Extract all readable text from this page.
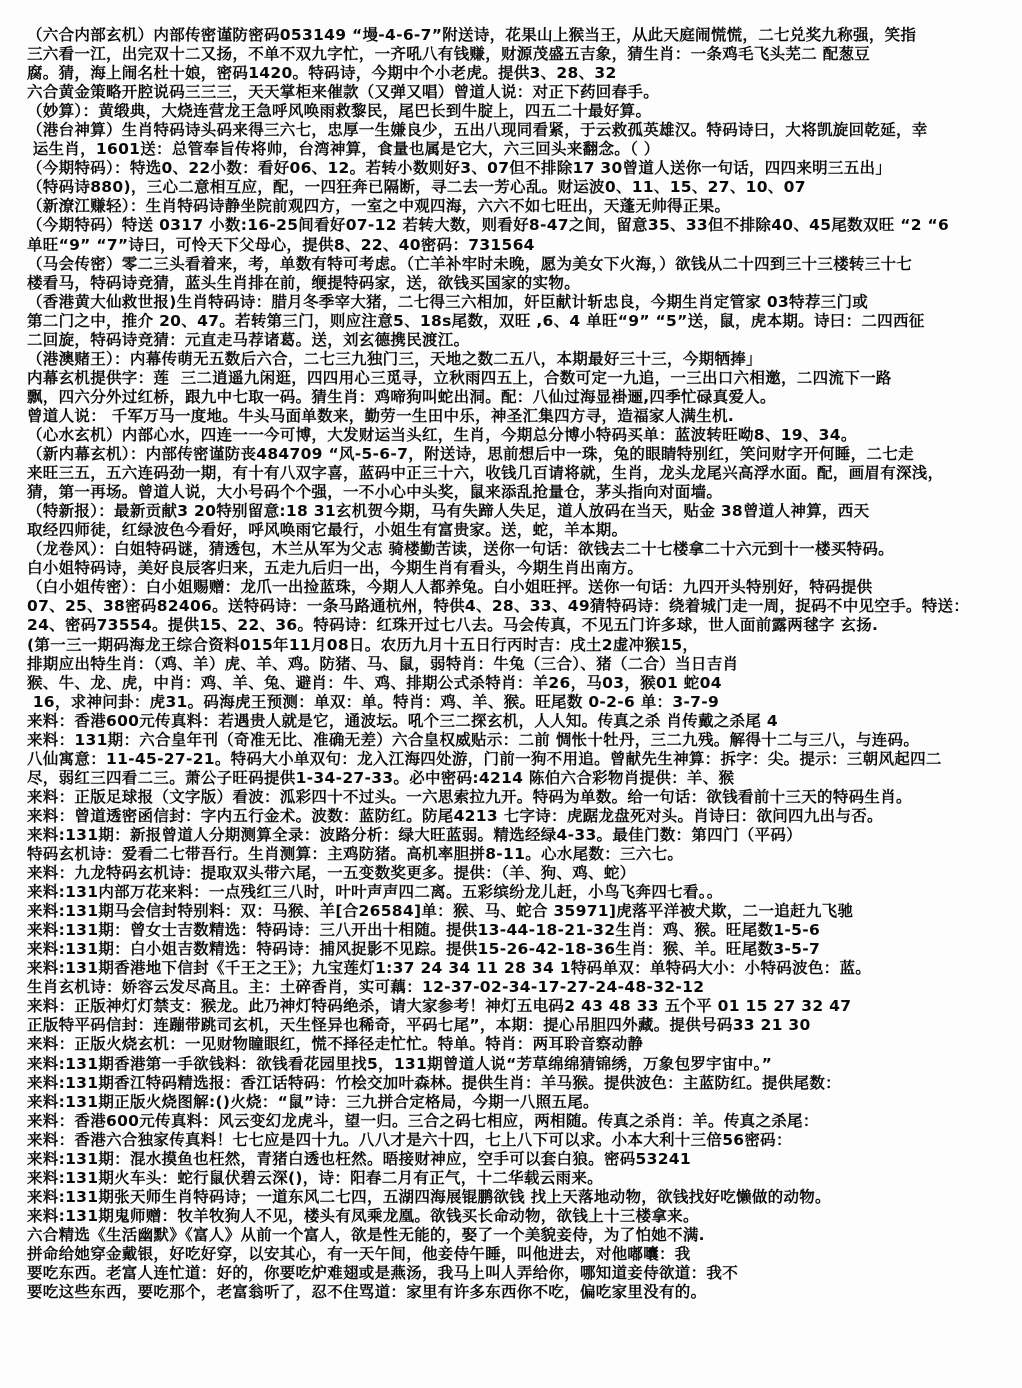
（六合内部玄机）内部传密谨防密码053149 “墁-4-6-7”附送诗，花果山上猴当王，从此天庭闹慌慌，二七兑奖九称强，笑指
三六看一江，出完双十二又扬，不单不双九字忙，一齐吼八有钱赚，财源茂盛五吉象，猜生肖：一条鸡毛飞头芜二 配葱豆
腐。猜，海上闹名杜十娘，密码1420。特码诗，今期中个小老虎。提供3、28、32
六合黄金策略开腔说码三三三，天天掌柜来催款（又弹又唱）曾道人说：对正下药回春手。
（妙算）：黄缎典，大烧连营龙王急呼风唤雨救黎民，尾巴长到牛腚上，四五二十最好算。
（港台神算）生肖特码诗头码来得三六七，忠厚一生嫌良少，五出八现同看紧，于云救孤英雄汉。特码诗曰，大将凯旋回乾延，幸
运生肖，1601送：总管奉旨传将帅，台湾神算，食量也属是它大，六三回头来翻念。（ ）
（今期特码）：特选0、22小数：看好06、12。若转小数则好3、07但不排除17 30曾道人送你一句话，四四来明三五出」
（特码诗880)，三心二意相互应，配，一四狂奔已隔断，寻二去一芳心乱。财运波0、11、15、27、10、07
（新潦江赚轻）：生肖特码诗静坐院前观四方，一室之中观四海，六六不如七旺出，天蓬无帅得正果。
（今期特码）特送 0317 小数:16-25间看好07-12 若转大数，则看好8-47之间，留意35、33但不排除40、45尾数双旺 “2 “6
单旺“9” “7”诗曰，可怜天下父母心，提供8、22、40密码：731564
（马会传密）零二三头看着来，考，单数有特可考虑。（亡羊补牢时未晚，愿为美女下火海，）欲钱从二十四到三十三楼转三十七
楼看马，特码诗竞猜，蓝头生肖排在前，缏提特码家，送，欲钱买国家的实物。
（香港黄大仙救世报)生肖特码诗：腊月冬季宰大猪，二七得三六相加，奸臣献计斩忠良，今期生肖定管家 03特荐三门或
第二门之中，推介 20、47。若转第三门，则应注意5、18s尾数，双旺 ,6、4 单旺“9” “5”送，鼠，虎本期。诗曰：二四西征
二回旋，特码诗竞猜：元直走马荐诸葛。送，刘玄德携民渡江。
（港澳赌王）：内幕传萌无五数后六合，二七三九独门三，天地之数二五八，本期最好三十三，今期牺捧」
内幕玄机提供字：莲  三二逍遥九闲逛，四四用心三觅寻，立秋雨四五上，合数可定一九追，一三出口六相邀，二四流下一路
飘，四六分外过红桥，跟九中七取一码。猜生肖：鸡啼狗叫蛇出洞。配：八仙过海显褂逦,四季忙碌真爱人。
曾道人说： 千军万马一度地。牛头马面单数来，勤劳一生田中乐，神圣汇集四方寻，造福家人满生机.
（心水玄机）内部心水，四连一一今可博，大发财运当头红，生肖，今期总分博小特码买单：蓝波转旺呦8、19、34。
（新内幕玄机）：内部传密谨防丧484709 “风-5-6-7，附送诗，思前想后中一珠，兔的眼睛特别红，笑问财字开何睡，二七走
来旺三五，五六连码劲一期，有十有八双字喜，蓝码中正三十六，收钱几百请将就，生肖，龙头龙尾兴高浮水面。配，画眉有深浅，
猜，第一再场。曾道人说，大小号码个个强，一不小心中头奖，鼠来添乱抢量仓，茅头指向对面墙。
（特新报）：最新贡献3 20特别留意:18 31玄机贺今期，马有失蹄人失足，道人放码在当天，贴金 38曾道人神算，西天
取经四师徒，红绿波色今看好，呼风唤雨它最行，小姐生有富贵家。送，蛇，羊本期。
（龙卷风）：白姐特码谜，猜透包，木兰从军为父志 骑楼勤苦读，送你一句话：欲钱去二十七楼拿二十六元到十一楼买特码。
白小姐特码诗，美好良辰客归来，五走九后归一出，今期生肖有看头，今期生肖出南方。
（白小姐传密）：白小姐赐赠：龙爪一出捡蓝珠，今期人人都养兔。白小姐旺抨。送你一句话：九四开头特别好，特码提供
07、25、38密码82406。送特码诗：一条马路通杭州，特供4、28、33、49猜特码诗：绕着城门走一周，捉码不中见空手。特送：
24、密码73554。提供15、22、36。特码诗：红珠开过七八去。马会传真，不见五门许多球，世人面前露两毬字 玄扬.
(第一三一期码海龙王综合资料015年11月08日。农历九月十五日行丙时吉：戌土2虚冲猴15，
排期应出特生肖：（鸡、羊）虎、羊、鸡。防猪、马、鼠，弱特肖：牛兔（三合）、猪（二合）当日吉肖
猴、牛、龙、虎，中肖：鸡、羊、兔、避肖：牛、鸡、排期公式杀特肖：羊26，马03，猴01 蛇04
16，求神问卦：虎31。码海虎王预测：单双：单。特肖：鸡、羊、猴。旺尾数 0-2-6 单：3-7-9
来料：香港600元传真料：若遇贵人就是它，通波坛。吼个三二探玄机，人人知。传真之杀 肖传戴之杀尾 4
来料：131期：六合皇年刊（奇准无比、准确无差）六合皇权威贴示：二前 惆怅十牡丹，三二九残。解得十二与三八，与连码。
八仙寓意：11-45-27-21。特码大小单双句：龙入江海四处游，门前一狗不用追。曾献先生神算：拆字：尖。提示：三朝风起四二
尽，弱红三四看二三。萧公子旺码提供1-34-27-33。必中密码:4214 陈伯六合彩物肖提供：羊、猴
来料：正版足球报（文字版）看波：泒彩四十不过头。一六思索拉九开。特码为单数。给一句话：欲钱看前十三天的特码生肖。
来料：曾道透密函信封：字内五行金术。波数：蓝防红。防尾4213 七字诗：虎踞龙盘死对头。肖诗曰：欲问四九出与否。
来料:131期：新报曾道人分期测算全录：波路分析：绿大旺蓝弱。精选经绿4-33。最佳门数：第四门（平码）
特码玄机诗：爱看二七带吾行。生肖测算：主鸡防猪。高机率胆拼8-11。心水尾数：三六七。
来料：九龙特码玄机诗：提取双头带六尾，一五变数奖更多。提供：（羊、狗、鸡、蛇）
来料:131内部万花来料：一点残红三八时，叶叶声声四二离。五彩缤纷龙儿赶，小鸟飞奔四七看。。
来料:131期马会信封特别料：双：马猴、羊[合26584]单：猴、马、蛇合 35971]虎落平洋被犬欺，二一追赶九飞驰
来料:131期：曾女士吉数精选：特码诗：三八开出十相随。提供13-44-18-21-32生肖：鸡、猴。旺尾数1-5-6
来料:131期：白小姐吉数精选：特码诗：捕风捉影不见踪。提供15-26-42-18-36生肖：猴、羊。旺尾数3-5-7
来料:131期香港地下信封《千王之王》；九宝莲灯1:37 24 34 11 28 34 1特码单双：单特码大小：小特码波色：蓝。
生肖玄机诗：娇容云发尽高且。主：土碎香肖，实可藕：12-37-02-34-17-27-24-48-32-12
来料：正版神灯灯禁支：猴龙。此乃神灯特码绝杀，请大家参考！神灯五电码2 43 48 33 五个平 01 15 27 32 47
正版特平码信封：连蹦带跳司玄机，天生怪异也稀奇，平码七尾”，本期：提心吊胆四外藏。提供号码33 21 30
来料：正版火烧玄机：一见财物瞳眼红，慌不择径走忙忙。特单。特肖：两耳聆音察动静
来料:131期香港第一手欲钱料：欲钱看花园里找5，131期曾道人说“芳草绵绵猜锦绣，万象包罗宇宙中。”
来料:131期香江特码精选报：香江话特码：竹桧交加叶森林。提供生肖：羊马猴。提供波色：主蓝防红。提供尾数：
来料:131期正版火烧图解:()火烧：“鼠”诗：三九拼合定格局，今期一八照五尾。
来料：香港600元传真料：风云变幻龙虎斗，望一归。三合之码七相应，两相随。传真之杀肖：羊。传真之杀尾：
来料：香港六合独家传真料！七七应是四十九。八八才是六十四，七上八下可以求。小本大利十三倍56密码：
来料:131期：混水摸鱼也枉然，青猪白透也枉然。晤接财神应，空手可以套白狼。密码53241
来料:131期火车头：蛇行鼠伏碧云深()，诗：阳春二月有正气，十二华载云雨来。
来料:131期张天师生肖特码诗；一道东风二七四，五湖四海展锟鹏欲钱 找上天落地动物，欲钱找好吃懒做的动物。
来料:131期鬼师赠：牧羊牧狗人不见，楼头有凤乘龙凰。欲钱买长命动物，欲钱上十三楼拿来。
六合精选《生活幽默》《富人》从前一个富人，欲是性无能的，娶了一个美貌妾侍，为了怕她不满.
拼命给她穿金戴银，好吃好穿，以安其心，有一天午间，他妾侍午睡，叫他进去，对他嘟囔：我
要吃东西。老富人连忙道：好的，你要吃炉难翅或是燕汤，我马上叫人弄给你，哪知道妾侍欲道：我不
要吃这些东西，要吃那个，老富翁听了，忍不住骂道：家里有许多东西你不吃，偏吃家里没有的。
